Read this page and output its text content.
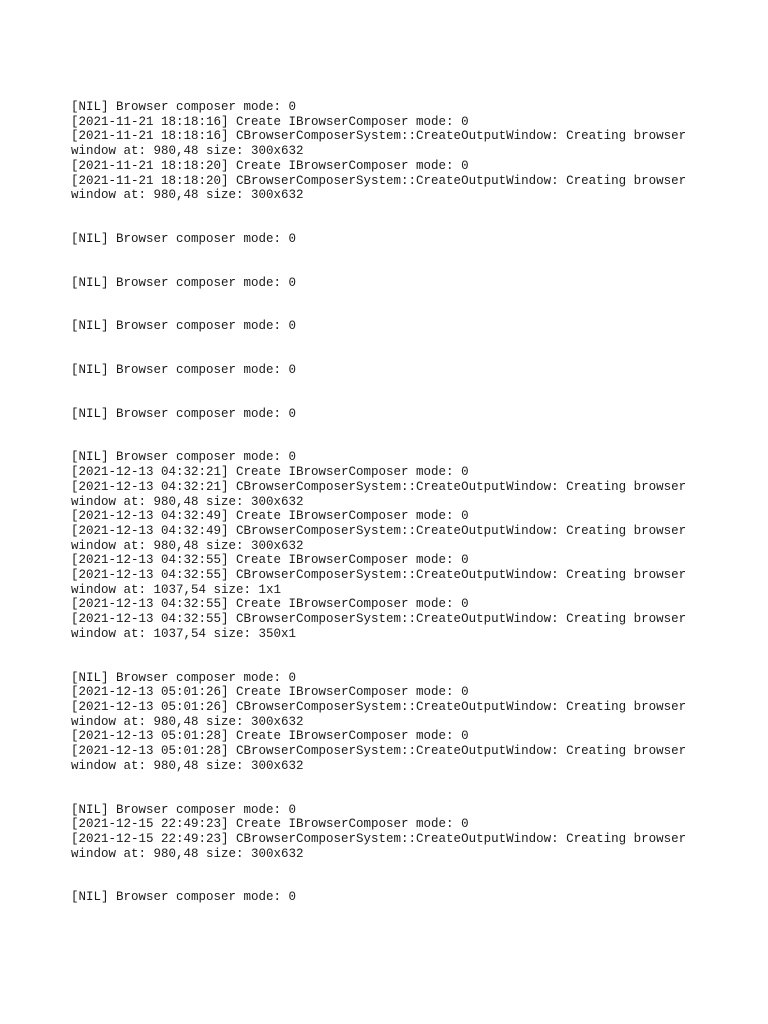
[NIL] Browser composer mode: 0
[2021-11-21 18:18:16] Create IBrowserComposer mode: 0
[2021-11-21 18:18:16] CBrowserComposerSystem::CreateOutputWindow: Creating browser
window at: 980,48 size: 300x632
[2021-11-21 18:18:20] Create IBrowserComposer mode: 0
[2021-11-21 18:18:20] CBrowserComposerSystem::CreateOutputWindow: Creating browser
window at: 980,48 size: 300x632
[NIL] Browser composer mode: 0
[NIL] Browser composer mode: 0
[NIL] Browser composer mode: 0
[NIL] Browser composer mode: 0
[NIL] Browser composer mode: 0
[NIL] Browser composer mode: 0
[2021-12-13 04:32:21] Create IBrowserComposer mode: 0
[2021-12-13 04:32:21] CBrowserComposerSystem::CreateOutputWindow: Creating browser
window at: 980,48 size: 300x632
[2021-12-13 04:32:49] Create IBrowserComposer mode: 0
[2021-12-13 04:32:49] CBrowserComposerSystem::CreateOutputWindow: Creating browser
window at: 980,48 size: 300x632
[2021-12-13 04:32:55] Create IBrowserComposer mode: 0
[2021-12-13 04:32:55] CBrowserComposerSystem::CreateOutputWindow: Creating browser
window at: 1037,54 size: 1x1
[2021-12-13 04:32:55] Create IBrowserComposer mode: 0
[2021-12-13 04:32:55] CBrowserComposerSystem::CreateOutputWindow: Creating browser
window at: 1037,54 size: 350x1
[NIL] Browser composer mode: 0
[2021-12-13 05:01:26] Create IBrowserComposer mode: 0
[2021-12-13 05:01:26] CBrowserComposerSystem::CreateOutputWindow: Creating browser
window at: 980,48 size: 300x632
[2021-12-13 05:01:28] Create IBrowserComposer mode: 0
[2021-12-13 05:01:28] CBrowserComposerSystem::CreateOutputWindow: Creating browser
window at: 980,48 size: 300x632
[NIL] Browser composer mode: 0
[2021-12-15 22:49:23] Create IBrowserComposer mode: 0
[2021-12-15 22:49:23] CBrowserComposerSystem::CreateOutputWindow: Creating browser
window at: 980,48 size: 300x632
[NIL] Browser composer mode: 0
